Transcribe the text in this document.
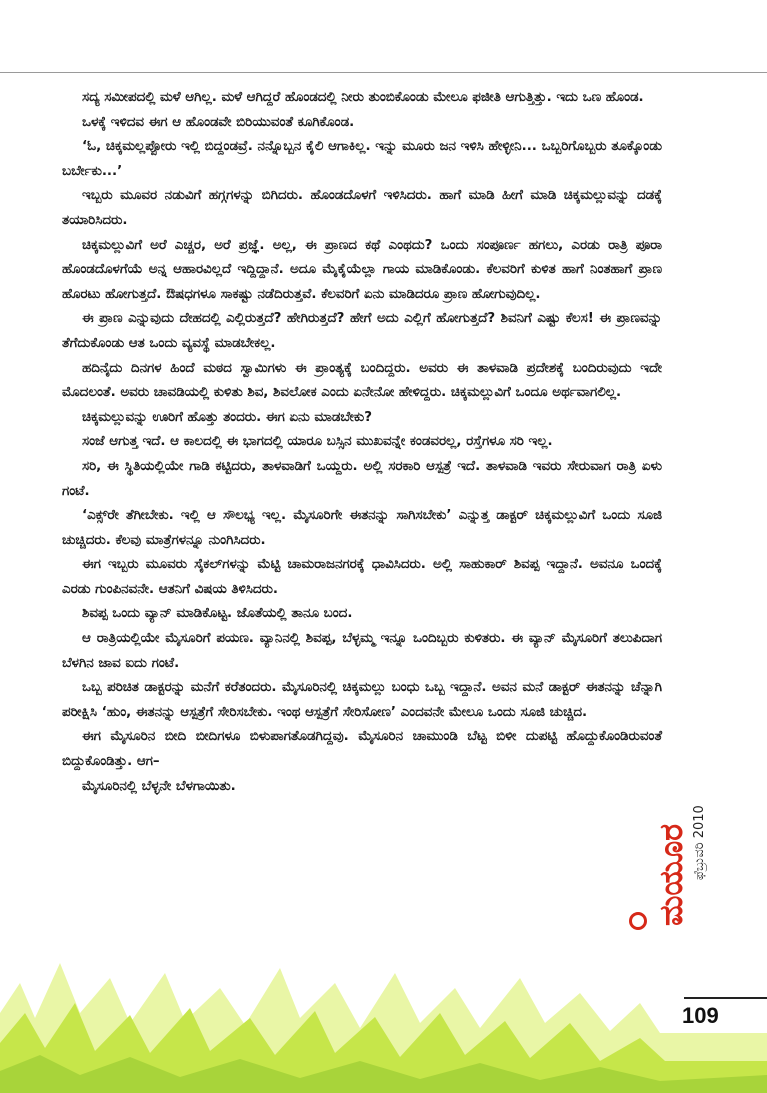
ಸದ್ಯ ಸಮೀಪದಲ್ಲಿ ಮಳೆ ಆಗಿಲ್ಲ. ಮಳೆ ಆಗಿದ್ದರೆ ಹೊಂಡದಲ್ಲಿ ನೀರು ತುಂಬಿಕೊಂಡು ಮೇಲೂ ಫಜೀತಿ ಆಗುತ್ತಿತ್ತು. ಇದು ಒಣ ಹೊಂಡ.

ಒಳಕ್ಕೆ ಇಳಿದವ ಈಗ ಆ ಹೊಂಡವೇ ಬಿರಿಯುವಂತೆ ಕೂಗಿಕೊಂಡ.

‘ಓ, ಚಿಕ್ಕಮಲ್ಲಪ್ಪೋರು ಇಲ್ಲಿ ಬಿದ್ದಂಡವ್ರೆ. ನನ್ನೊಬ್ಬನ ಕೈಲಿ ಆಗಾಕಿಲ್ಲ. ಇನ್ನು ಮೂರು ಜನ ಇಳಿಸಿ ಹೇಳ್ಳೀನಿ... ಒಬ್ಬರಿಗೊಬ್ಬರು ತೂಕ್ಕೊಂಡು ಬರ್ಬೇಕು...’

ಇಬ್ಬರು ಮೂವರ ನಡುವಿಗೆ ಹಗ್ಗಗಳನ್ನು ಬಿಗಿದರು. ಹೊಂಡದೊಳಗೆ ಇಳಿಸಿದರು. ಹಾಗೆ ಮಾಡಿ ಹೀಗೆ ಮಾಡಿ ಚಿಕ್ಕಮಲ್ಲುವನ್ನು ದಡಕ್ಕೆ ತಯಾರಿಸಿದರು.

ಚಿಕ್ಕಮಲ್ಲುವಿಗೆ ಅರೆ ಎಚ್ಚರ, ಅರೆ ಪ್ರಜ್ಞೆ. ಅಲ್ಲ, ಈ ಪ್ರಾಣದ ಕಥೆ ಎಂಥದು? ಒಂದು ಸಂಪೂರ್ಣ ಹಗಲು, ಎರಡು ರಾತ್ರಿ ಪೂರಾ ಹೊಂಡದೊಳಗೆಯೆ ಅನ್ನ ಆಹಾರವಿಲ್ಲದೆ ಇದ್ದಿದ್ದಾನೆ. ಅದೂ ಮೈಕೈಯೆಲ್ಲಾ ಗಾಯ ಮಾಡಿಕೊಂಡು. ಕೆಲವರಿಗೆ ಕುಳಿತ ಹಾಗೆ ನಿಂತಹಾಗೆ ಪ್ರಾಣ ಹೊರಟು ಹೋಗುತ್ತದೆ. ಔಷಧಗಳೂ ಸಾಕಷ್ಟು ನಡೆದಿರುತ್ತವೆ. ಕೆಲವರಿಗೆ ಏನು ಮಾಡಿದರೂ ಪ್ರಾಣ ಹೋಗುವುದಿಲ್ಲ.

ಈ ಪ್ರಾಣ ಎನ್ನುವುದು ದೇಹದಲ್ಲಿ ಎಲ್ಲಿರುತ್ತದೆ? ಹೇಗಿರುತ್ತದೆ? ಹೇಗೆ ಅದು ಎಲ್ಲಿಗೆ ಹೋಗುತ್ತದೆ? ಶಿವನಿಗೆ ಎಷ್ಟು ಕೆಲಸ! ಈ ಪ್ರಾಣವನ್ನು ತೆಗೆದುಕೊಂಡು ಆತ ಒಂದು ವ್ಯವಸ್ಥೆ ಮಾಡಬೇಕಲ್ಲ.

ಹದಿನೈದು ದಿನಗಳ ಹಿಂದೆ ಮಠದ ಸ್ವಾಮಿಗಳು ಈ ಪ್ರಾಂತ್ಯಕ್ಕೆ ಬಂದಿದ್ದರು. ಅವರು ಈ ತಾಳವಾಡಿ ಪ್ರದೇಶಕ್ಕೆ ಬಂದಿರುವುದು ಇದೇ ಮೊದಲಂತೆ. ಅವರು ಚಾವಡಿಯಲ್ಲಿ ಕುಳಿತು ಶಿವ, ಶಿವಲೋಕ ಎಂದು ಏನೇನೋ ಹೇಳಿದ್ದರು. ಚಿಕ್ಕಮಲ್ಲುವಿಗೆ ಒಂದೂ ಅರ್ಥವಾಗಲಿಲ್ಲ.

ಚಿಕ್ಕಮಲ್ಲುವನ್ನು ಊರಿಗೆ ಹೊತ್ತು ತಂದರು. ಈಗ ಏನು ಮಾಡಬೇಕು?

ಸಂಜೆ ಆಗುತ್ತ ಇದೆ. ಆ ಕಾಲದಲ್ಲಿ ಈ ಭಾಗದಲ್ಲಿ ಯಾರೂ ಬಸ್ಸಿನ ಮುಖವನ್ನೇ ಕಂಡವರಲ್ಲ, ರಸ್ತೆಗಳೂ ಸರಿ ಇಲ್ಲ.

ಸರಿ, ಈ ಸ್ಥಿತಿಯಲ್ಲಿಯೇ ಗಾಡಿ ಕಟ್ಟಿದರು, ತಾಳವಾಡಿಗೆ ಒಯ್ದರು. ಅಲ್ಲಿ ಸರಕಾರಿ ಆಸ್ಪತ್ರೆ ಇದೆ. ತಾಳವಾಡಿ ಇವರು ಸೇರುವಾಗ ರಾತ್ರಿ ಏಳು ಗಂಟೆ.

‘ಎಕ್ಸ್‌ರೇ ತೆಗೀಬೇಕು. ಇಲ್ಲಿ ಆ ಸೌಲಭ್ಯ ಇಲ್ಲ. ಮೈಸೂರಿಗೇ ಈತನನ್ನು ಸಾಗಿಸಬೇಕು’ ಎನ್ನುತ್ತ ಡಾಕ್ಟರ್ ಚಿಕ್ಕಮಲ್ಲುವಿಗೆ ಒಂದು ಸೂಜಿ ಚುಚ್ಚಿದರು. ಕೆಲವು ಮಾತ್ರೆಗಳನ್ನೂ ನುಂಗಿಸಿದರು.

ಈಗ ಇಬ್ಬರು ಮೂವರು ಸೈಕಲ್‌ಗಳನ್ನು ಮೆಟ್ಟಿ ಚಾಮರಾಜನಗರಕ್ಕೆ ಧಾವಿಸಿದರು. ಅಲ್ಲಿ ಸಾಹುಕಾರ್ ಶಿವಪ್ಪ ಇದ್ದಾನೆ. ಅವನೂ ಒಂದಕ್ಕೆ ಎರಡು ಗುಂಪಿನವನೇ. ಆತನಿಗೆ ವಿಷಯ ತಿಳಿಸಿದರು.

ಶಿವಪ್ಪ ಒಂದು ವ್ಯಾನ್ ಮಾಡಿಕೊಟ್ಟ. ಜೊತೆಯಲ್ಲಿ ತಾನೂ ಬಂದ.

ಆ ರಾತ್ರಿಯಲ್ಲಿಯೇ ಮೈಸೂರಿಗೆ ಪಯಣ. ವ್ಯಾನಿನಲ್ಲಿ ಶಿವಪ್ಪ, ಬೆಳ್ಳಮ್ಮ ಇನ್ನೂ ಒಂದಿಬ್ಬರು ಕುಳಿತರು. ಈ ವ್ಯಾನ್ ಮೈಸೂರಿಗೆ ತಲುಪಿದಾಗ ಬೆಳಗಿನ ಜಾವ ಐದು ಗಂಟೆ.

ಒಬ್ಬ ಪರಿಚಿತ ಡಾಕ್ಟರನ್ನು ಮನೆಗೆ ಕರೆತಂದರು. ಮೈಸೂರಿನಲ್ಲಿ ಚಿಕ್ಕಮಲ್ಲು ಬಂಧು ಒಬ್ಬ ಇದ್ದಾನೆ. ಅವನ ಮನೆ ಡಾಕ್ಟರ್ ಈತನನ್ನು ಚೆನ್ನಾಗಿ ಪರೀಕ್ಷಿಸಿ ‘ಹುಂ, ಈತನನ್ನು ಆಸ್ಪತ್ರೆಗೆ ಸೇರಿಸಬೇಕು. ಇಂಥ ಆಸ್ಪತ್ರೆಗೆ ಸೇರಿಸೋಣ’ ಎಂದವನೇ ಮೇಲೂ ಒಂದು ಸೂಜಿ ಚುಚ್ಚಿದ.

ಈಗ ಮೈಸೂರಿನ ಬೀದಿ ಬೀದಿಗಳೂ ಬಿಳುಪಾಗತೊಡಗಿದ್ದವು. ಮೈಸೂರಿನ ಚಾಮುಂಡಿ ಬೆಟ್ಟ ಬಿಳೀ ದುಪಟ್ಟಿ ಹೊದ್ದುಕೊಂಡಿರುವಂತೆ ಬಿದ್ದುಕೊಂಡಿತ್ತು. ಆಗ–

ಮೈಸೂರಿನಲ್ಲಿ ಬೆಳ್ಳನೇ ಬೆಳಗಾಯಿತು.

ಮಯೂರ ಫೆಬ್ರುವರಿ 2010
109
